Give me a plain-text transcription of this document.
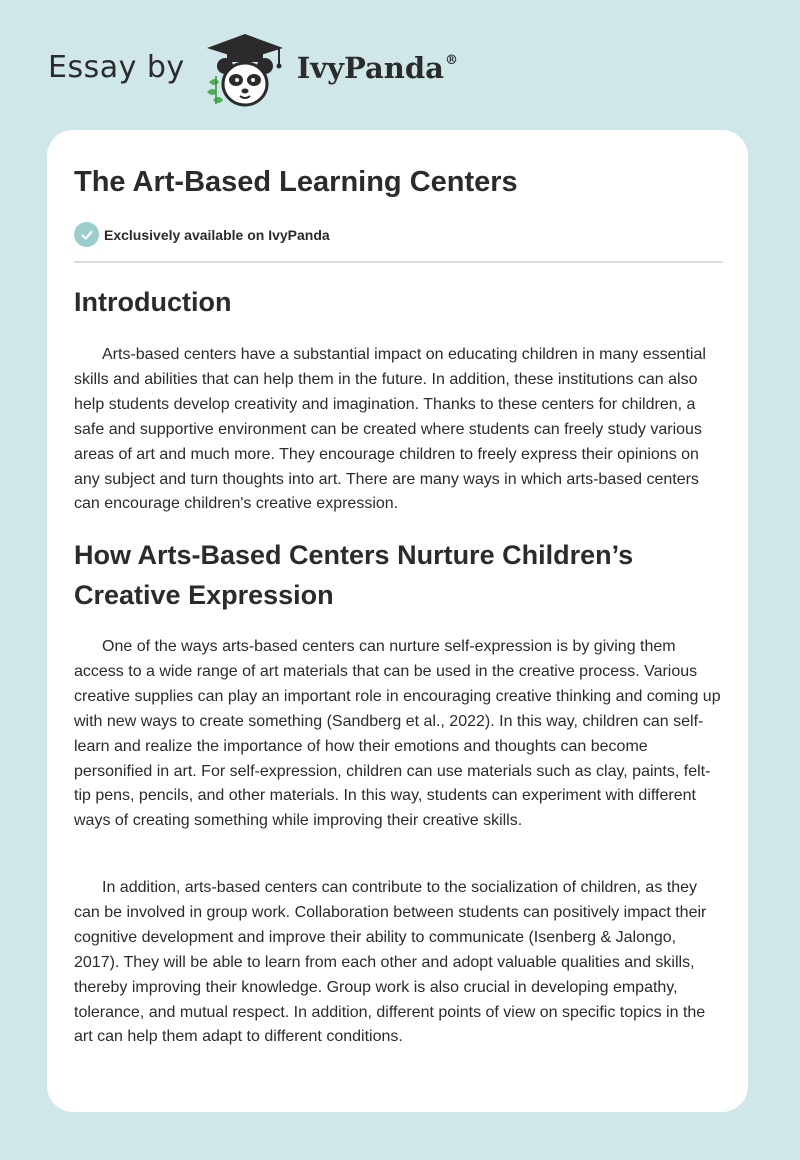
Essay by	IvyPanda®
The Art-Based Learning Centers
Exclusively available on IvyPanda
Introduction

Arts-based centers have a substantial impact on educating children in many essential skills and abilities that can help them in the future. In addition, these institutions can also help students develop creativity and imagination. Thanks to these centers for children, a safe and supportive environment can be created where students can freely study various areas of art and much more. They encourage children to freely express their opinions on any subject and turn thoughts into art. There are many ways in which arts-based centers can encourage children's creative expression.

How Arts-Based Centers Nurture Children’s Creative Expression

One of the ways arts-based centers can nurture self-expression is by giving them access to a wide range of art materials that can be used in the creative process. Various creative supplies can play an important role in encouraging creative thinking and coming up with new ways to create something (Sandberg et al., 2022). In this way, children can self-learn and realize the importance of how their emotions and thoughts can become personified in art. For self-expression, children can use materials such as clay, paints, felt-tip pens, pencils, and other materials. In this way, students can experiment with different ways of creating something while improving their creative skills.

In addition, arts-based centers can contribute to the socialization of children, as they can be involved in group work. Collaboration between students can positively impact their cognitive development and improve their ability to communicate (Isenberg & Jalongo, 2017). They will be able to learn from each other and adopt valuable qualities and skills, thereby improving their knowledge. Group work is also crucial in developing empathy, tolerance, and mutual respect. In addition, different points of view on specific topics in the art can help them adapt to different conditions.
